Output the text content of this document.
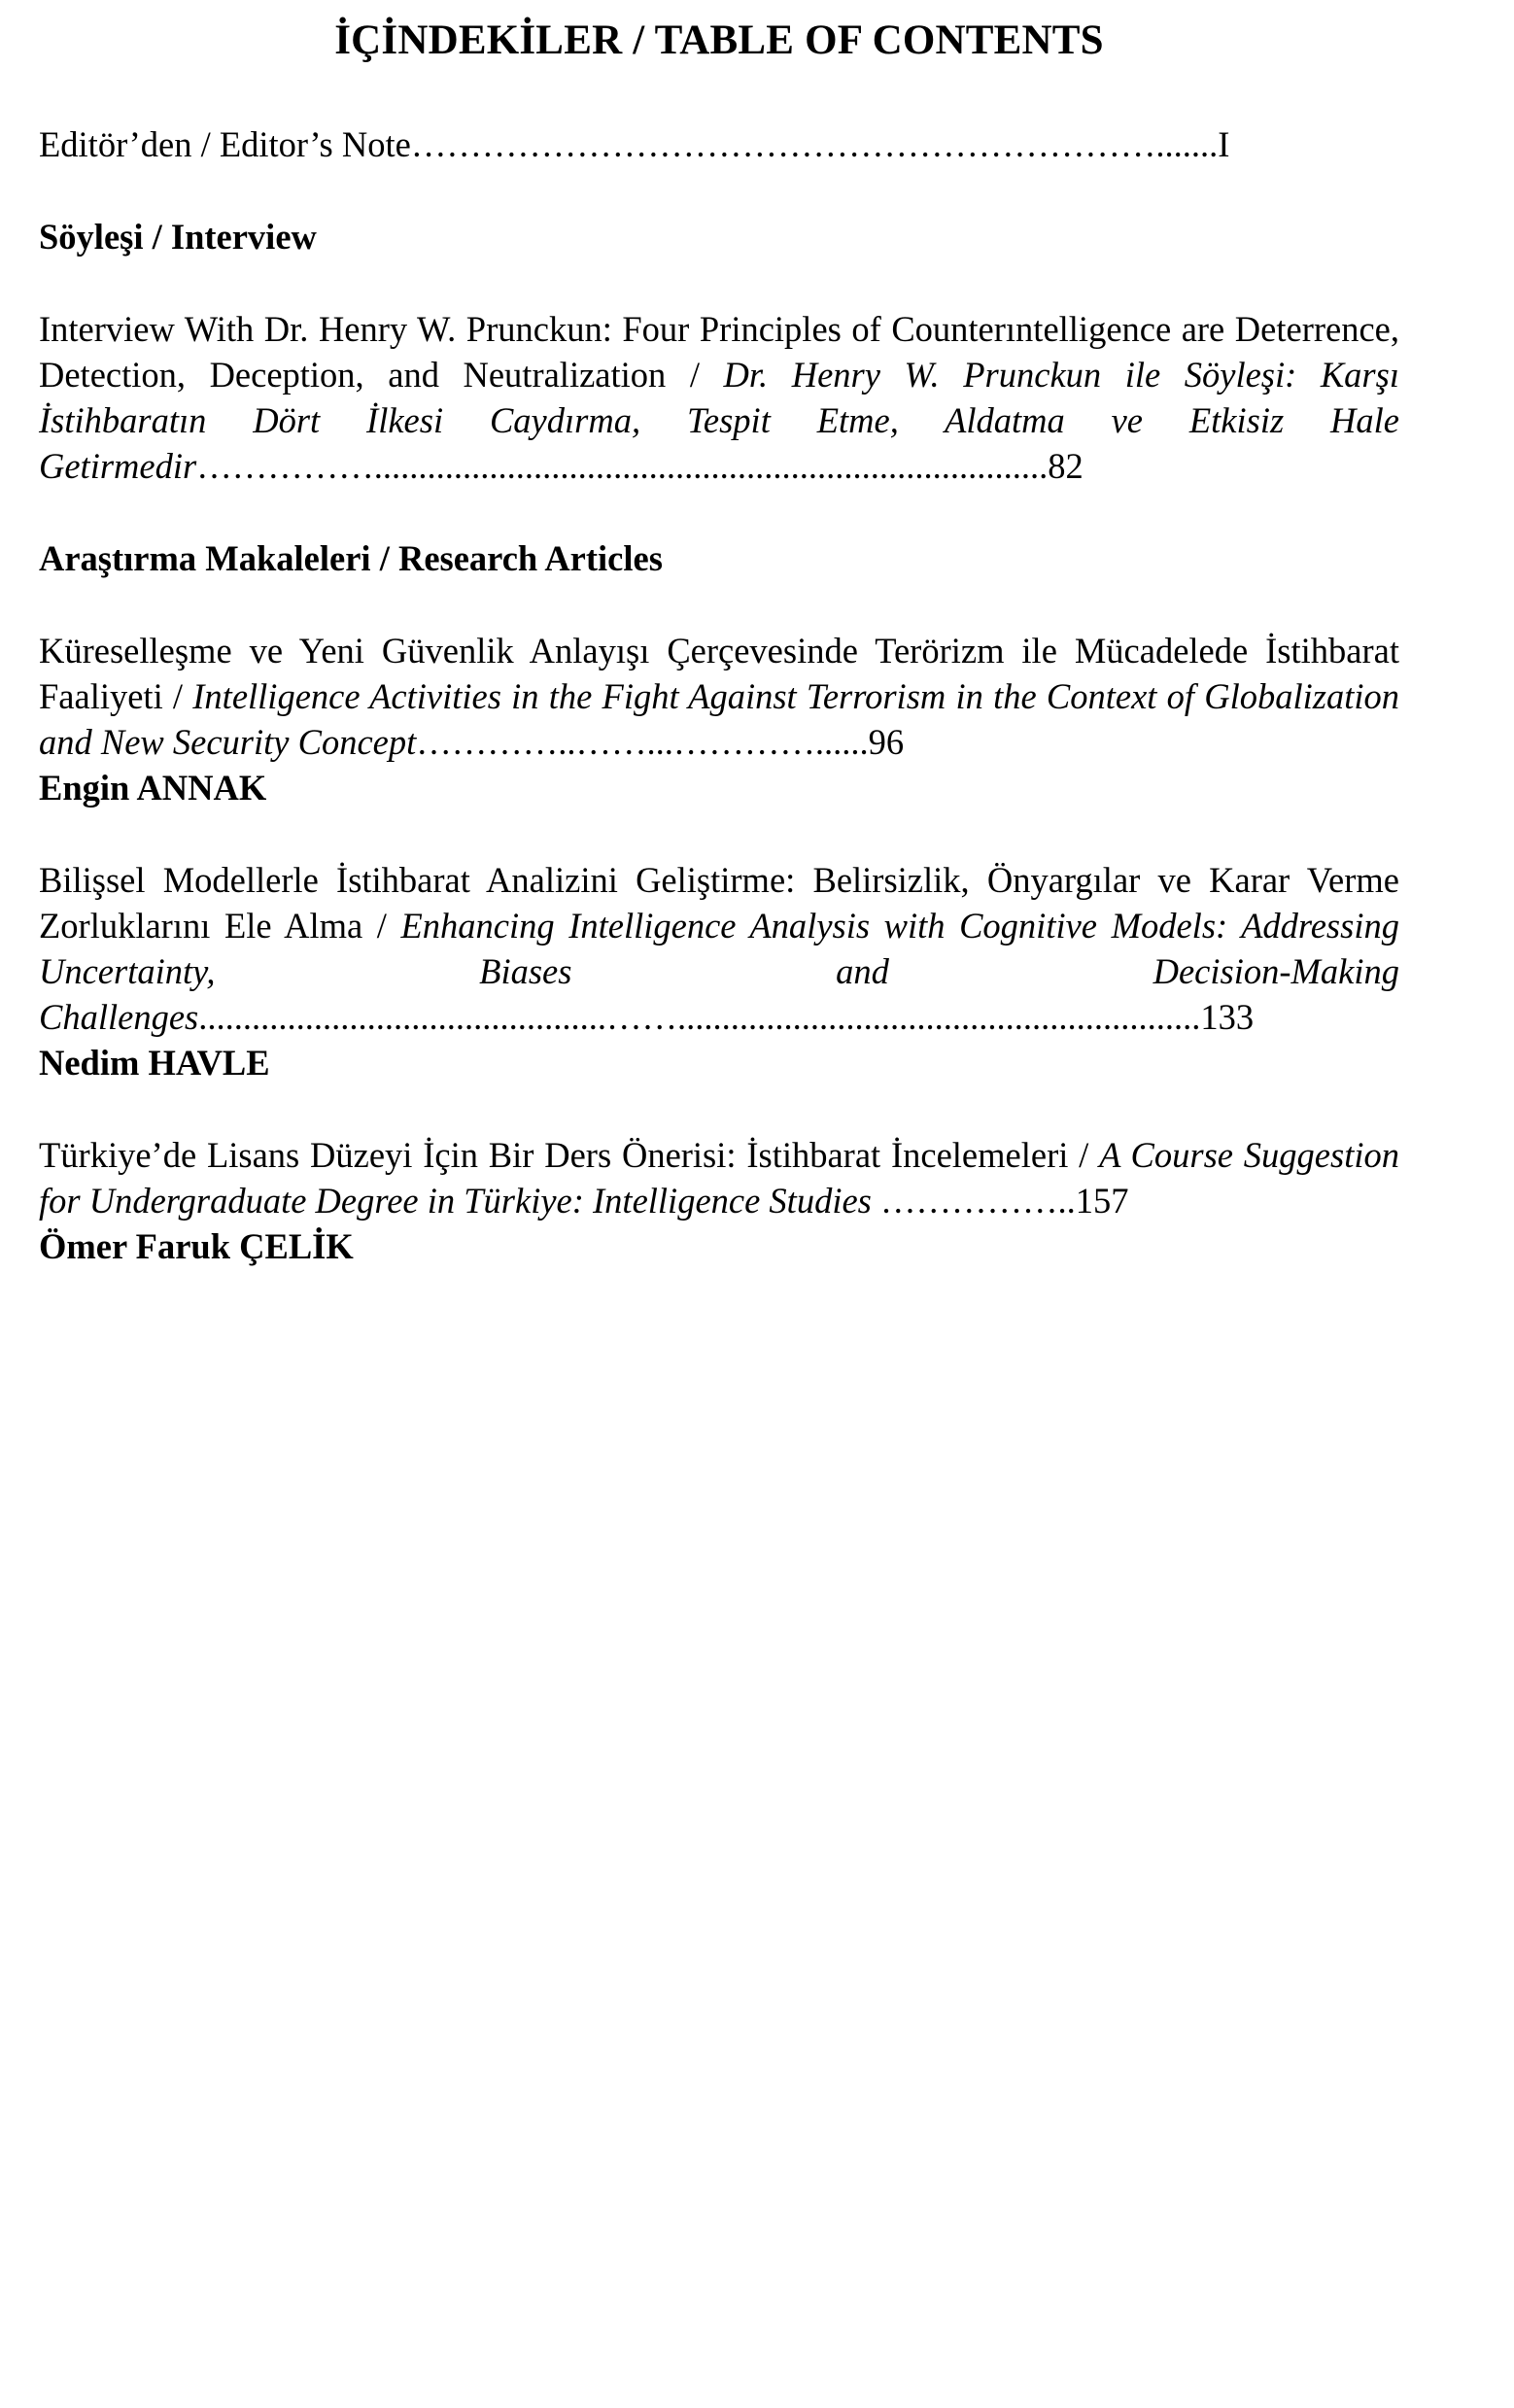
İÇİNDEKİLER / TABLE OF CONTENTS
Editör’den / Editor’s Note……………………………………………………….......I
Söyleşi / Interview
Interview With Dr. Henry W. Prunckun: Four Principles of Counterıntelligence are Deterrence, Detection, Deception, and Neutralization / Dr. Henry W. Prunckun ile Söyleşi: Karşı İstihbaratın Dört İlkesi Caydırma, Tespit Etme, Aldatma ve Etkisiz Hale Getirmedir……………............................................................................82
Araştırma Makaleleri / Research Articles
Küreselleşme ve Yeni Güvenlik Anlayışı Çerçevesinde Terörizm ile Mücadelede İstihbarat Faaliyeti / Intelligence Activities in the Fight Against Terrorism in the Context of Globalization and New Security Concept…………..……...…………......96
Engin ANNAK
Bilişsel Modellerle İstihbarat Analizini Geliştirme: Belirsizlik, Önyargılar ve Karar Verme Zorluklarını Ele Alma / Enhancing Intelligence Analysis with Cognitive Models: Addressing Uncertainty, Biases and Decision-Making Challenges..............................................……...........................................................133
Nedim HAVLE
Türkiye’de Lisans Düzeyi İçin Bir Ders Önerisi: İstihbarat İncelemeleri / A Course Suggestion for Undergraduate Degree in Türkiye: Intelligence Studies ……………..157
Ömer Faruk ÇELİK
